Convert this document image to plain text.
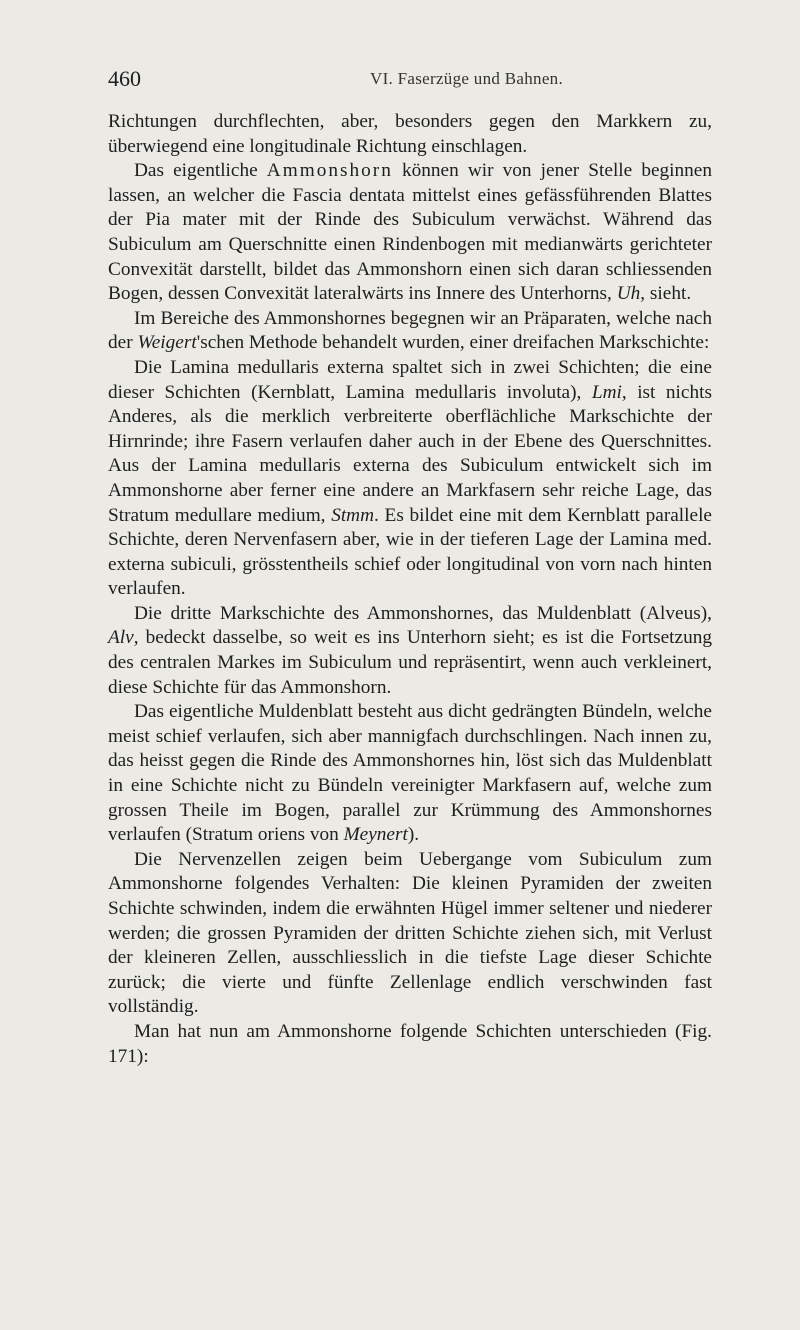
460	VI. Faserzüge und Bahnen.

Richtungen durchflechten, aber, besonders gegen den Markkern zu, überwiegend eine longitudinale Richtung einschlagen.

Das eigentliche Ammonshorn können wir von jener Stelle beginnen lassen, an welcher die Fascia dentata mittelst eines gefässführenden Blattes der Pia mater mit der Rinde des Subiculum verwächst. Während das Subiculum am Querschnitte einen Rindenbogen mit medianwärts gerichteter Convexität darstellt, bildet das Ammonshorn einen sich daran schliessenden Bogen, dessen Convexität lateralwärts ins Innere des Unterhorns, Uh, sieht.

Im Bereiche des Ammonshornes begegnen wir an Präparaten, welche nach der Weigert'schen Methode behandelt wurden, einer dreifachen Markschichte:

Die Lamina medullaris externa spaltet sich in zwei Schichten; die eine dieser Schichten (Kernblatt, Lamina medullaris involuta), Lmi, ist nichts Anderes, als die merklich verbreiterte oberflächliche Markschichte der Hirnrinde; ihre Fasern verlaufen daher auch in der Ebene des Querschnittes. Aus der Lamina medullaris externa des Subiculum entwickelt sich im Ammonshorne aber ferner eine andere an Markfasern sehr reiche Lage, das Stratum medullare medium, Stmm. Es bildet eine mit dem Kernblatt parallele Schichte, deren Nervenfasern aber, wie in der tieferen Lage der Lamina med. externa subiculi, grösstentheils schief oder longitudinal von vorn nach hinten verlaufen.

Die dritte Markschichte des Ammonshornes, das Muldenblatt (Alveus), Alv, bedeckt dasselbe, so weit es ins Unterhorn sieht; es ist die Fortsetzung des centralen Markes im Subiculum und repräsentirt, wenn auch verkleinert, diese Schichte für das Ammonshorn.

Das eigentliche Muldenblatt besteht aus dicht gedrängten Bündeln, welche meist schief verlaufen, sich aber mannigfach durchschlingen. Nach innen zu, das heisst gegen die Rinde des Ammonshornes hin, löst sich das Muldenblatt in eine Schichte nicht zu Bündeln vereinigter Markfasern auf, welche zum grossen Theile im Bogen, parallel zur Krümmung des Ammonshornes verlaufen (Stratum oriens von Meynert).

Die Nervenzellen zeigen beim Uebergange vom Subiculum zum Ammonshorne folgendes Verhalten: Die kleinen Pyramiden der zweiten Schichte schwinden, indem die erwähnten Hügel immer seltener und niederer werden; die grossen Pyramiden der dritten Schichte ziehen sich, mit Verlust der kleineren Zellen, ausschliesslich in die tiefste Lage dieser Schichte zurück; die vierte und fünfte Zellenlage endlich verschwinden fast vollständig.

Man hat nun am Ammonshorne folgende Schichten unterschieden (Fig. 171):
